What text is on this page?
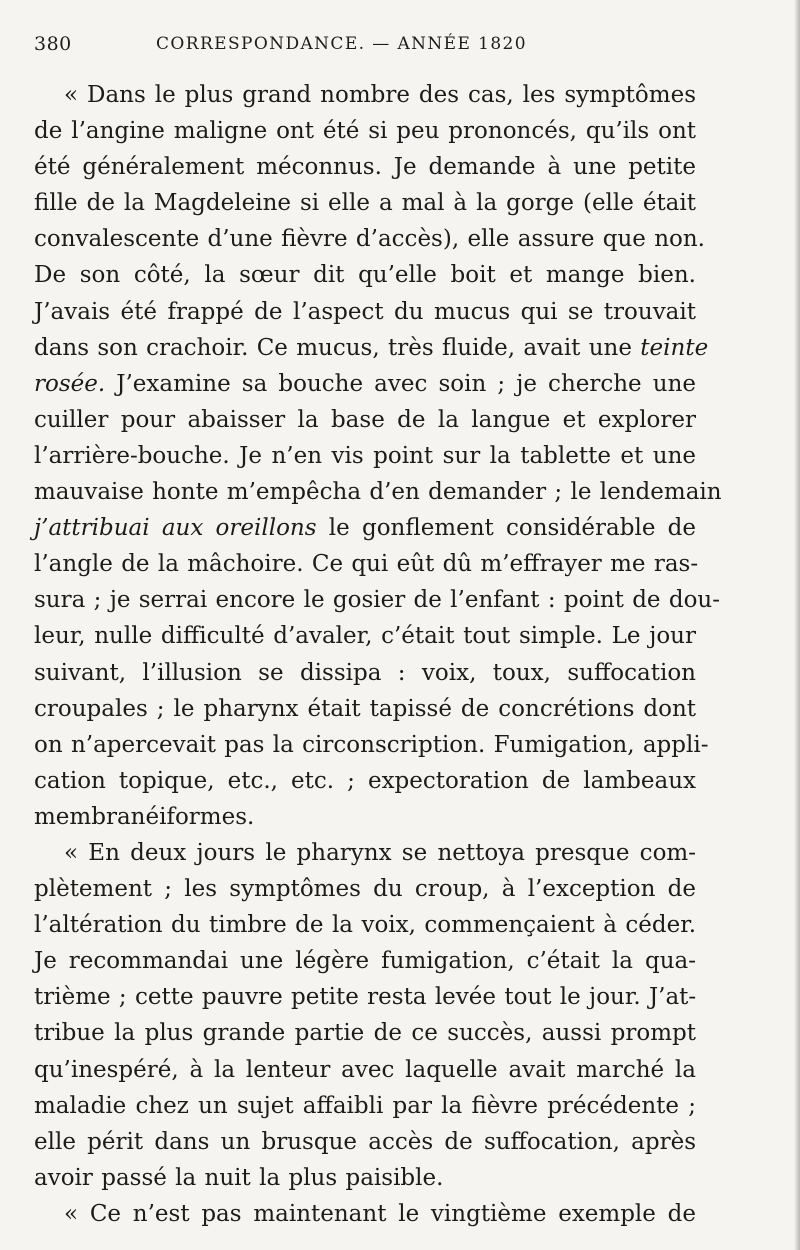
380	CORRESPONDANCE. — ANNÉE 1820
« Dans le plus grand nombre des cas, les symptômes
de l’angine maligne ont été si peu prononcés, qu’ils ont
été généralement méconnus. Je demande à une petite
fille de la Magdeleine si elle a mal à la gorge (elle était
convalescente d’une fièvre d’accès), elle assure que non.
De son côté, la sœur dit qu’elle boit et mange bien.
J’avais été frappé de l’aspect du mucus qui se trouvait
dans son crachoir. Ce mucus, très fluide, avait une teinte
rosée. J’examine sa bouche avec soin ; je cherche une
cuiller pour abaisser la base de la langue et explorer
l’arrière-bouche. Je n’en vis point sur la tablette et une
mauvaise honte m’empêcha d’en demander ; le lendemain
j’attribuai aux oreillons le gonflement considérable de
l’angle de la mâchoire. Ce qui eût dû m’effrayer me ras-
sura ; je serrai encore le gosier de l’enfant : point de dou-
leur, nulle difficulté d’avaler, c’était tout simple. Le jour
suivant, l’illusion se dissipa : voix, toux, suffocation
croupales ; le pharynx était tapissé de concrétions dont
on n’apercevait pas la circonscription. Fumigation, appli-
cation topique, etc., etc. ; expectoration de lambeaux
membranéiformes.
« En deux jours le pharynx se nettoya presque com-
plètement ; les symptômes du croup, à l’exception de
l’altération du timbre de la voix, commençaient à céder.
Je recommandai une légère fumigation, c’était la qua-
trième ; cette pauvre petite resta levée tout le jour. J’at-
tribue la plus grande partie de ce succès, aussi prompt
qu’inespéré, à la lenteur avec laquelle avait marché la
maladie chez un sujet affaibli par la fièvre précédente ;
elle périt dans un brusque accès de suffocation, après
avoir passé la nuit la plus paisible.
« Ce n’est pas maintenant le vingtième exemple de
